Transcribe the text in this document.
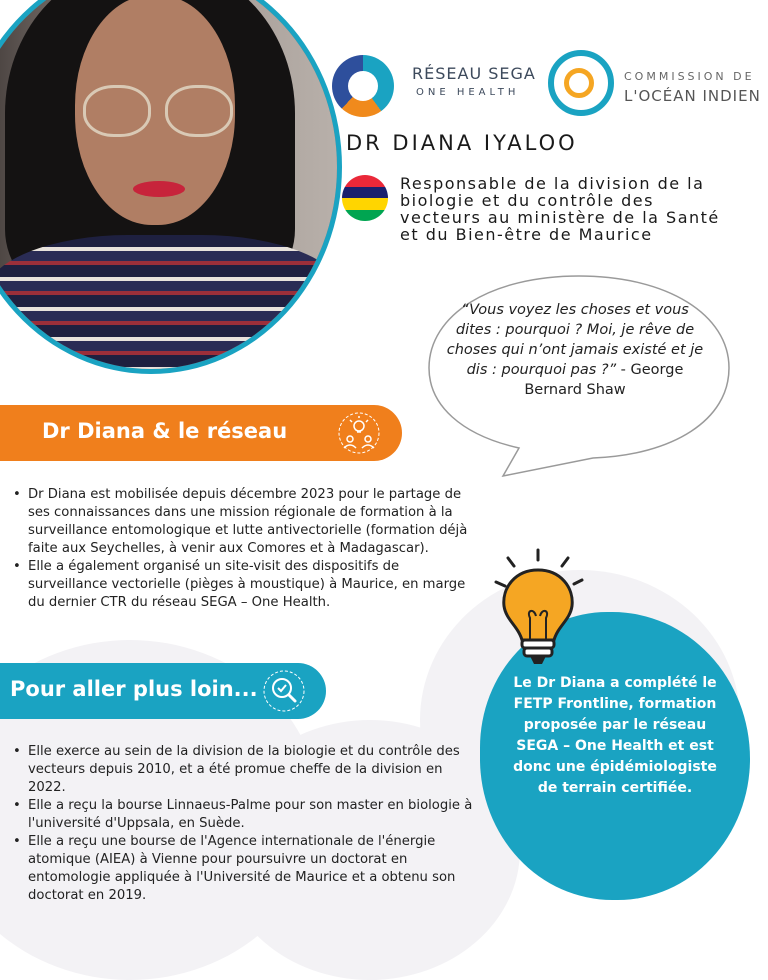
RÉSEAU SEGA
ONE HEALTH
COMMISSION DE
L'OCÉAN INDIEN
DR DIANA IYALOO
Responsable de la division de la biologie et du contrôle des vecteurs au ministère de la Santé et du Bien-être de Maurice
“Vous voyez les choses et vous dites : pourquoi ? Moi, je rêve de choses qui n’ont jamais existé et je dis : pourquoi pas ?” - George Bernard Shaw
Dr Diana & le réseau
• Dr Diana est mobilisée depuis décembre 2023 pour le partage de ses connaissances dans une mission régionale de formation à la surveillance entomologique et lutte antivectorielle (formation déjà faite aux Seychelles, à venir aux Comores et à Madagascar).
• Elle a également organisé un site-visit des dispositifs de surveillance vectorielle (pièges à moustique) à Maurice, en marge du dernier CTR du réseau SEGA – One Health.
Pour aller plus loin...
• Elle exerce au sein de la division de la biologie et du contrôle des vecteurs depuis 2010, et a été promue cheffe de la division en 2022.
• Elle a reçu la bourse Linnaeus-Palme pour son master en biologie à l'université d'Uppsala, en Suède.
• Elle a reçu une bourse de l'Agence internationale de l'énergie atomique (AIEA) à Vienne pour poursuivre un doctorat en entomologie appliquée à l'Université de Maurice et a obtenu son doctorat en 2019.
Le Dr Diana a complété le FETP Frontline, formation proposée par le réseau SEGA – One Health et est donc une épidémiologiste de terrain certifiée.
